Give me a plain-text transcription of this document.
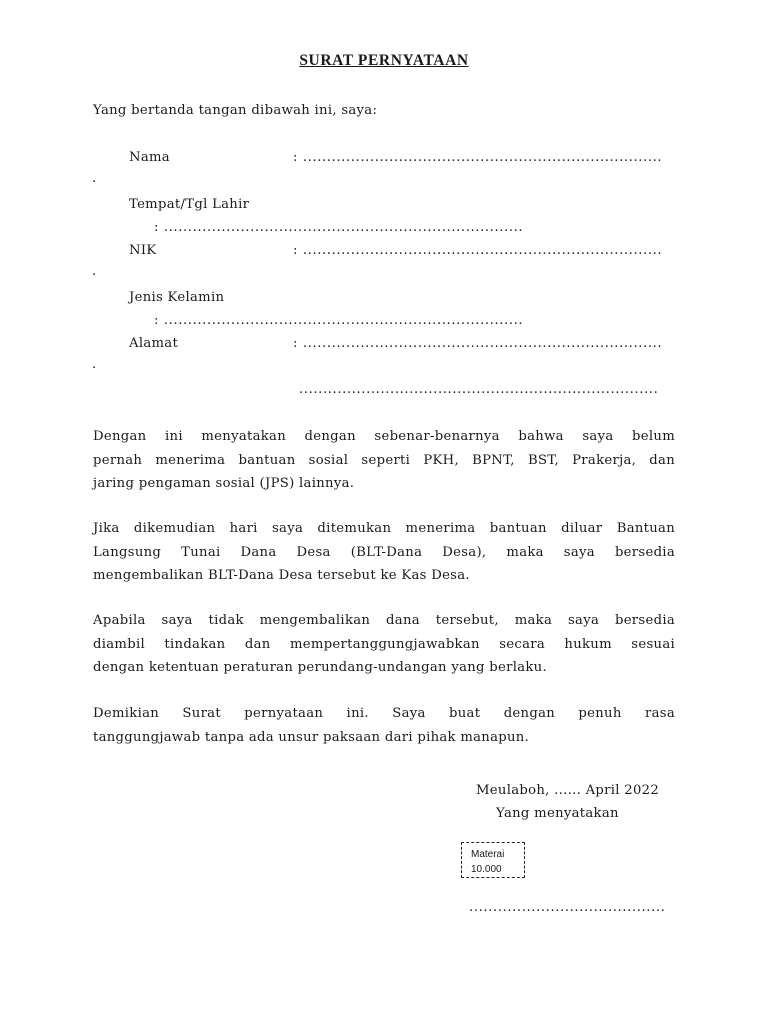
SURAT PERNYATAAN
Yang bertanda tangan dibawah ini, saya:
Nama	: ...........................................................................
.
Tempat/Tgl Lahir
: ...........................................................................
NIK	: ...........................................................................
.
Jenis Kelamin
: ...........................................................................
Alamat	: ...........................................................................
.
...........................................................................
Dengan ini menyatakan dengan sebenar-benarnya bahwa saya belum
pernah menerima bantuan sosial seperti PKH, BPNT, BST, Prakerja, dan
jaring pengaman sosial (JPS) lainnya.
Jika dikemudian hari saya ditemukan menerima bantuan diluar Bantuan
Langsung Tunai Dana Desa (BLT-Dana Desa), maka saya bersedia
mengembalikan BLT-Dana Desa tersebut ke Kas Desa.
Apabila saya tidak mengembalikan dana tersebut, maka saya bersedia
diambil tindakan dan mempertanggungjawabkan secara hukum sesuai
dengan ketentuan peraturan perundang-undangan yang berlaku.
Demikian Surat pernyataan ini. Saya buat dengan penuh rasa
tanggungjawab tanpa ada unsur paksaan dari pihak manapun.
Meulaboh, ...... April 2022
Yang menyatakan
Materai
10.000
.........................................
